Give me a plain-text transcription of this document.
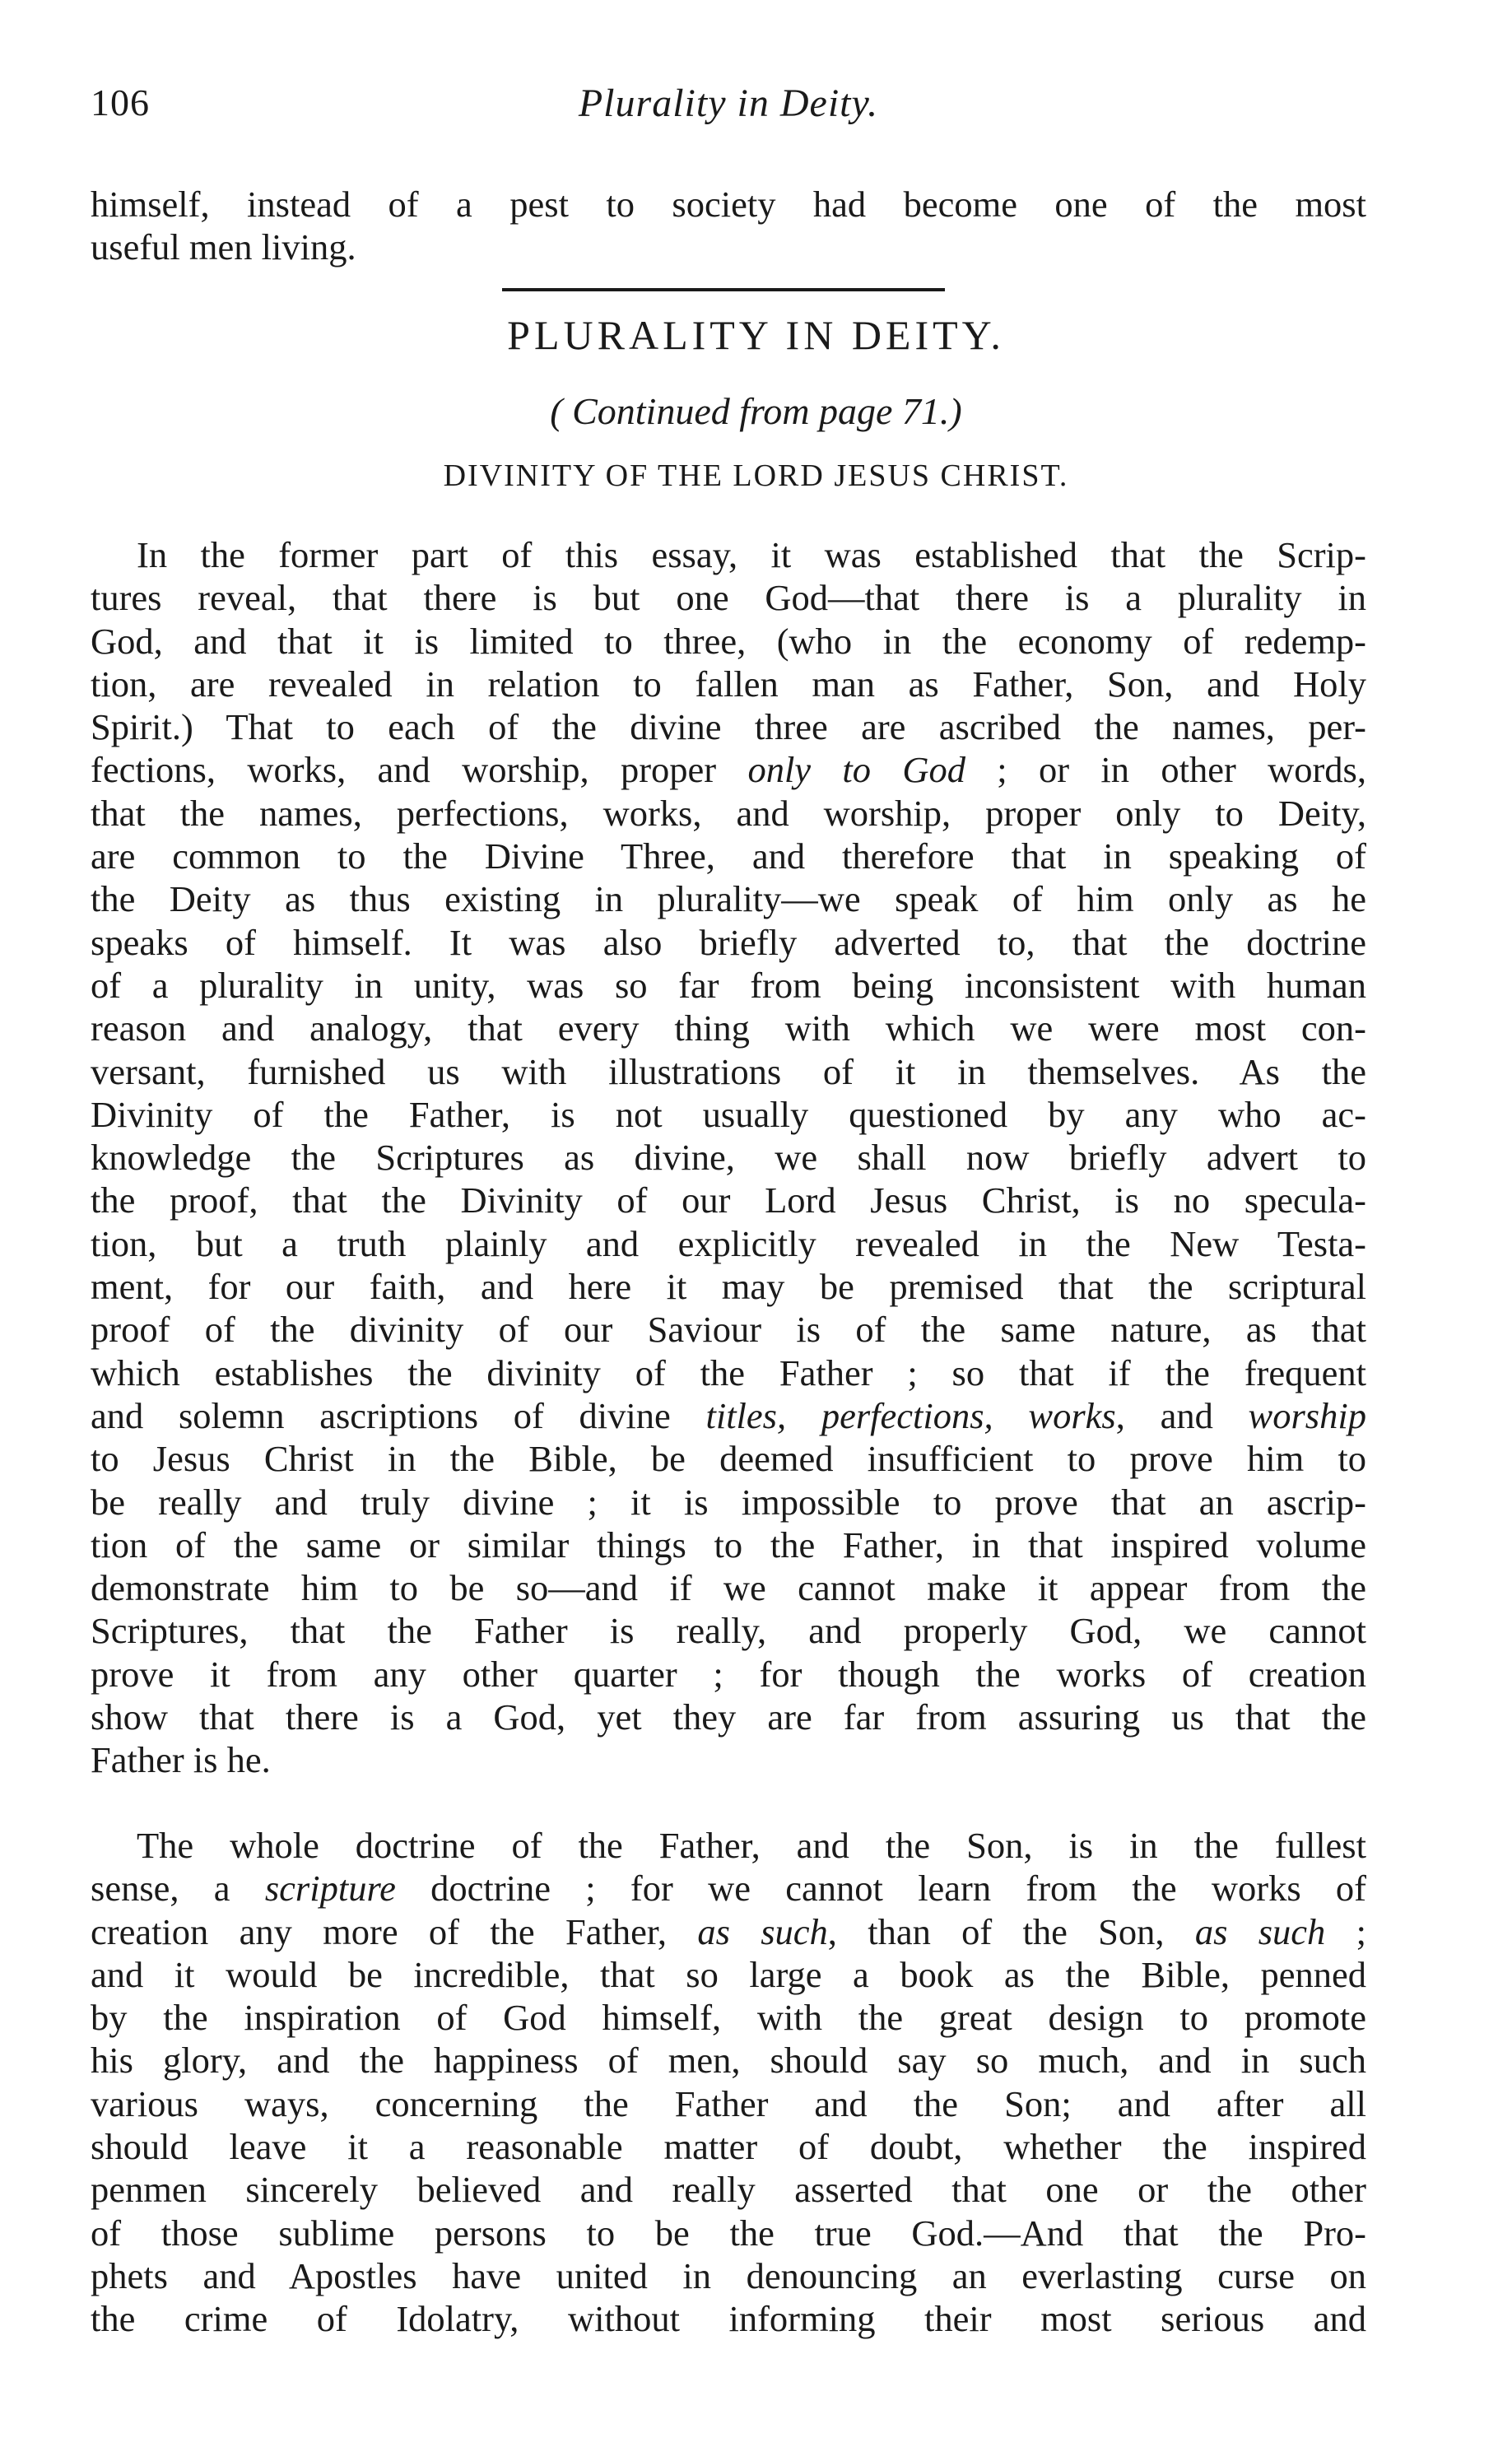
106	Plurality in Deity.
himself, instead of a pest to society had become one of the most
useful men living.
PLURALITY IN DEITY.
( Continued from page 71.)
DIVINITY OF THE LORD JESUS CHRIST.
In the former part of this essay, it was established that the Scrip-
tures reveal, that there is but one God—that there is a plurality in
God, and that it is limited to three, (who in the economy of redemp-
tion, are revealed in relation to fallen man as Father, Son, and Holy
Spirit.) That to each of the divine three are ascribed the names, per-
fections, works, and worship, proper only to God ; or in other words,
that the names, perfections, works, and worship, proper only to Deity,
are common to the Divine Three, and therefore that in speaking of
the Deity as thus existing in plurality—we speak of him only as he
speaks of himself. It was also briefly adverted to, that the doctrine
of a plurality in unity, was so far from being inconsistent with human
reason and analogy, that every thing with which we were most con-
versant, furnished us with illustrations of it in themselves. As the
Divinity of the Father, is not usually questioned by any who ac-
knowledge the Scriptures as divine, we shall now briefly advert to
the proof, that the Divinity of our Lord Jesus Christ, is no specula-
tion, but a truth plainly and explicitly revealed in the New Testa-
ment, for our faith, and here it may be premised that the scriptural
proof of the divinity of our Saviour is of the same nature, as that
which establishes the divinity of the Father ; so that if the frequent
and solemn ascriptions of divine titles, perfections, works, and worship
to Jesus Christ in the Bible, be deemed insufficient to prove him to
be really and truly divine ; it is impossible to prove that an ascrip-
tion of the same or similar things to the Father, in that inspired volume
demonstrate him to be so—and if we cannot make it appear from the
Scriptures, that the Father is really, and properly God, we cannot
prove it from any other quarter ; for though the works of creation
show that there is a God, yet they are far from assuring us that the
Father is he.
The whole doctrine of the Father, and the Son, is in the fullest
sense, a scripture doctrine ; for we cannot learn from the works of
creation any more of the Father, as such, than of the Son, as such ;
and it would be incredible, that so large a book as the Bible, penned
by the inspiration of God himself, with the great design to promote
his glory, and the happiness of men, should say so much, and in such
various ways, concerning the Father and the Son; and after all
should leave it a reasonable matter of doubt, whether the inspired
penmen sincerely believed and really asserted that one or the other
of those sublime persons to be the true God.—And that the Pro-
phets and Apostles have united in denouncing an everlasting curse on
the crime of Idolatry, without informing their most serious and
